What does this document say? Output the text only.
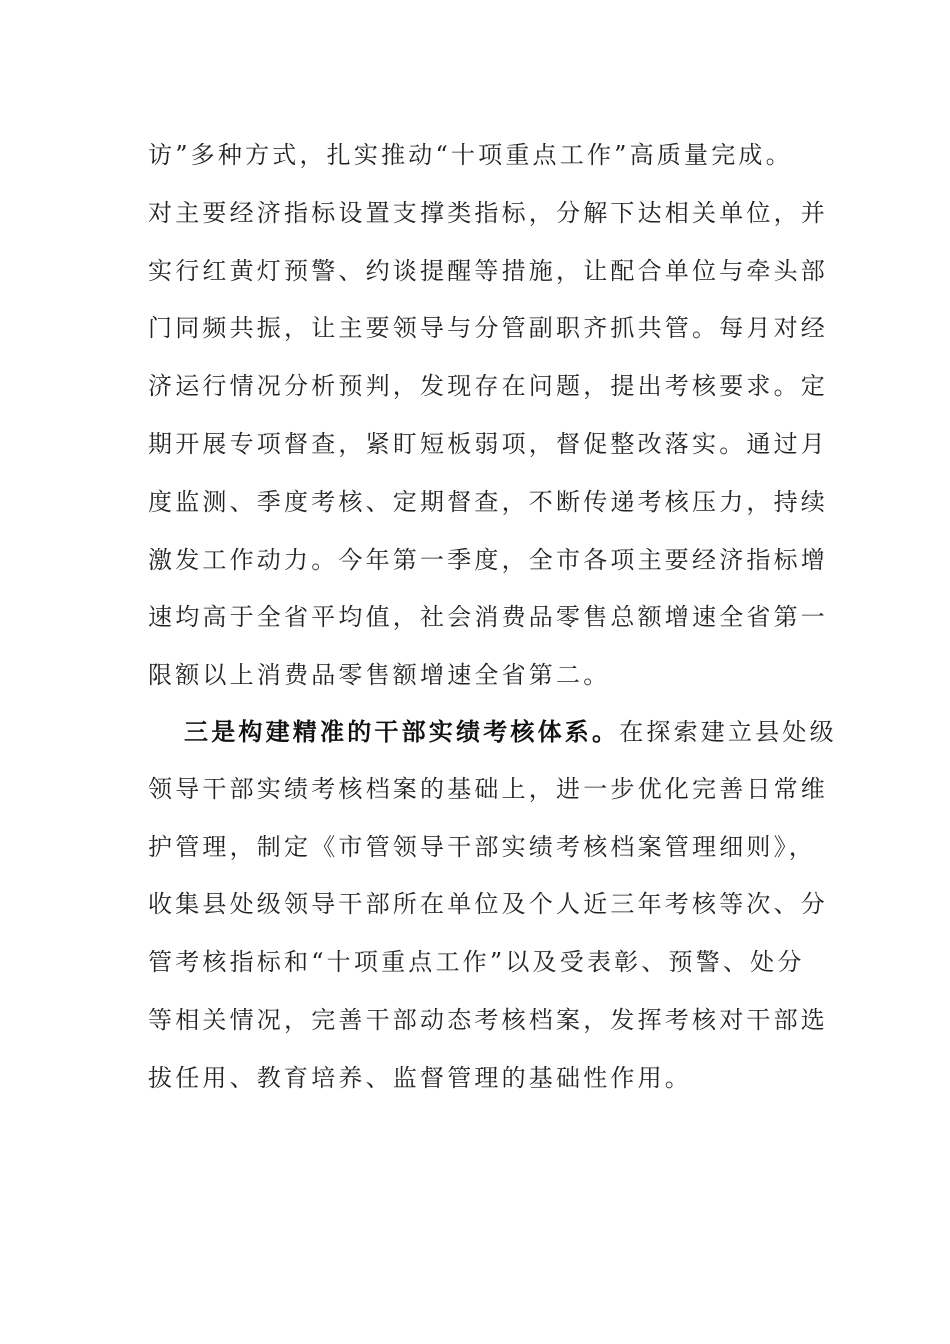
访”多种方式，扎实推动“十项重点工作”高质量完成。
对主要经济指标设置支撑类指标，分解下达相关单位，并
实行红黄灯预警、约谈提醒等措施，让配合单位与牵头部
门同频共振，让主要领导与分管副职齐抓共管。每月对经
济运行情况分析预判，发现存在问题，提出考核要求。定
期开展专项督查，紧盯短板弱项，督促整改落实。通过月
度监测、季度考核、定期督查，不断传递考核压力，持续
激发工作动力。今年第一季度，全市各项主要经济指标增
速均高于全省平均值，社会消费品零售总额增速全省第一
限额以上消费品零售额增速全省第二。
三是构建精准的干部实绩考核体系。在探索建立县处级
领导干部实绩考核档案的基础上，进一步优化完善日常维
护管理，制定《市管领导干部实绩考核档案管理细则》，
收集县处级领导干部所在单位及个人近三年考核等次、分
管考核指标和“十项重点工作”以及受表彰、预警、处分
等相关情况，完善干部动态考核档案，发挥考核对干部选
拔任用、教育培养、监督管理的基础性作用。
